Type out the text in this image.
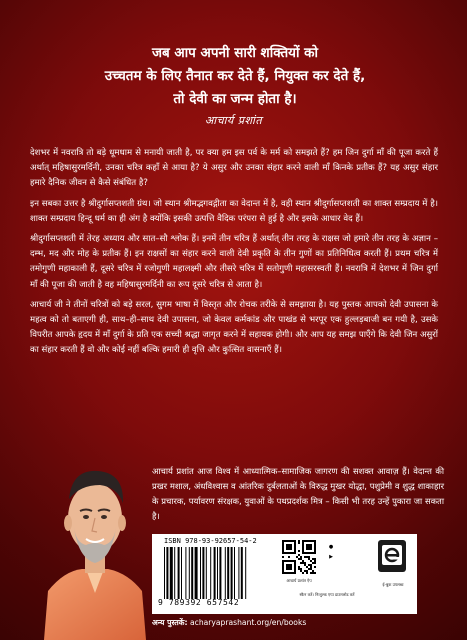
जब आप अपनी सारी शक्तियों को
उच्चतम के लिए तैनात कर देते हैं, नियुक्त कर देते हैं,
तो देवी का जन्म होता है।
आचार्य प्रशांत

देशभर में नवरात्रि तो बड़े धूमधाम से मनायी जाती है, पर क्या हम इस पर्व के मर्म को समझते हैं? हम जिन दुर्गा माँ की पूजा करते हैं अर्थात् महिषासुरमर्दिनी, उनका चरित्र कहाँ से आया है? ये असुर और उनका संहार करने वाली माँ किनके प्रतीक हैं? यह असुर संहार हमारे दैनिक जीवन से कैसे संबंधित है?

इन सबका उत्तर है श्रीदुर्गासप्तशती ग्रंथ। जो स्थान श्रीमद्भगवद्गीता का वेदान्त में है, वही स्थान श्रीदुर्गासप्तशती का शाक्त सम्प्रदाय में है। शाक्त सम्प्रदाय हिन्दू धर्म का ही अंग है क्योंकि इसकी उत्पत्ति वैदिक परंपरा से हुई है और इसके आधार वेद हैं।

श्रीदुर्गासप्तशती में तेरह अध्याय और सात–सौ श्लोक हैं। इनमें तीन चरित्र हैं अर्थात् तीन तरह के राक्षस जो हमारे तीन तरह के अज्ञान – दम्भ, मद और मोह के प्रतीक हैं। इन राक्षसों का संहार करने वाली देवी प्रकृति के तीन गुणों का प्रतिनिधित्व करती हैं। प्रथम चरित्र में तमोगुणी महाकाली हैं, दूसरे चरित्र में रजोगुणी महालक्ष्मी और तीसरे चरित्र में सतोगुणी महासरस्वती हैं। नवरात्रि में देशभर में जिन दुर्गा माँ की पूजा की जाती है वह महिषासुरमर्दिनी का रूप दूसरे चरित्र से आता है।

आचार्य जी ने तीनों चरित्रों को बड़े सरल, सुगम भाषा में विस्तृत और रोचक तरीके से समझाया है। यह पुस्तक आपको देवी उपासना के महत्व को तो बताएगी ही, साथ–ही–साथ देवी उपासना, जो केवल कर्मकांड और पाखंड से भरपूर एक हुल्लड़बाजी बन गयी है, उसके विपरीत आपके हृदय में माँ दुर्गा के प्रति एक सच्ची श्रद्धा जागृत करने में सहायक होगी। और आप यह समझ पाएँगे कि देवी जिन असुरों का संहार करती हैं वो और कोई नहीं बल्कि हमारी ही वृत्ति और कुत्सित वासनाएँ हैं।

आचार्य प्रशांत आज विश्व में आध्यात्मिक–सामाजिक जागरण की सशक्त आवाज़ हैं। वेदान्त की प्रखर मशाल, अंधविश्वास व आंतरिक दुर्बलताओं के विरुद्ध मुखर योद्धा, पशुप्रेमी व शुद्ध शाकाहार के प्रचारक, पर्यावरण संरक्षक, युवाओं के पथप्रदर्शक मित्र – किसी भी तरह उन्हें पुकारा जा सकता है।
ISBN 978-93-92657-54-2
9 789392 657542
आचार्य प्रशांत ऐप
●
▶
स्कैन करें। निःशुल्क एप्प डाउनलोड करें
ई-बुक उपलब्ध
अन्य पुस्तकें: acharyaprashant.org/en/books
